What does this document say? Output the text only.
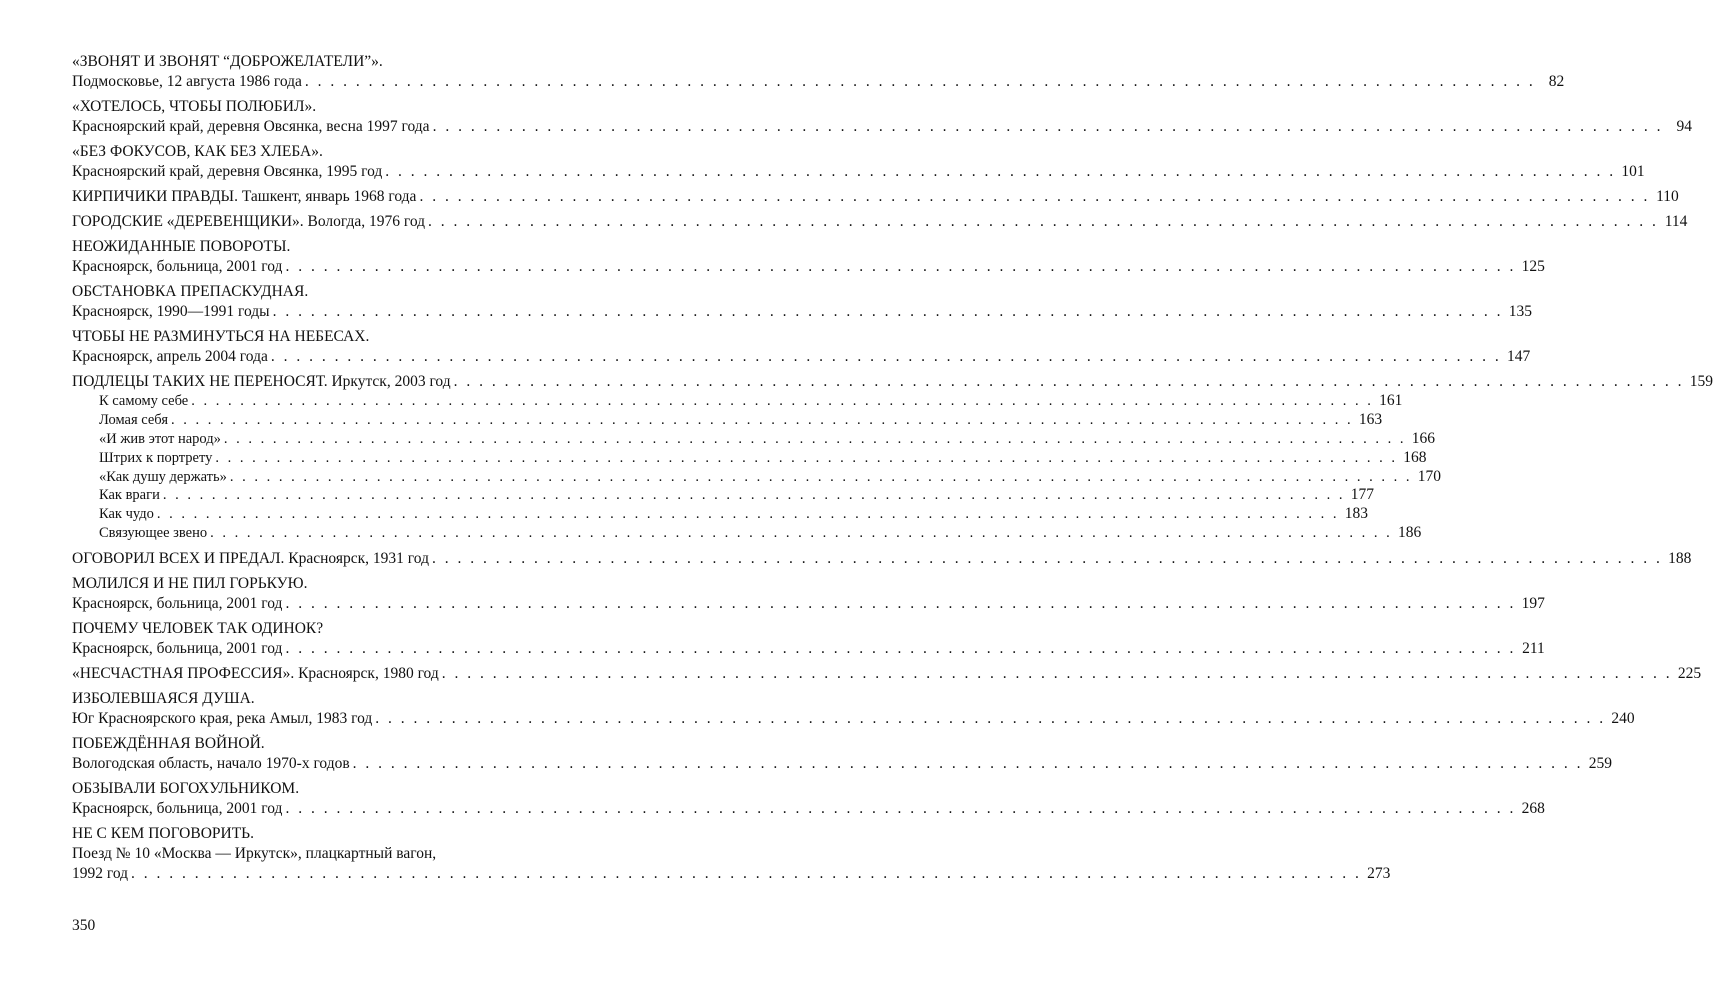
«ЗВОНЯТ И ЗВОНЯТ “ДОБРОЖЕЛАТЕЛИ”».
Подмосковье, 12 августа 1986 года . . . . . . . . . . . . . . . . . . . . . . . . . . . . . . . . . . . . . . . . . . . . . . . . . . . . . . . . . . . . . . . . . . . . . . . . . . . . . . . . . . . . . . . . . . . . . . . . . 82
«ХОТЕЛОСЬ, ЧТОБЫ ПОЛЮБИЛ».
Красноярский край, деревня Овсянка, весна 1997 года . . . . . . . . . . . . . . . . . . . . . . . . . . . . . . . . . . . . . . . . . . . . . . . . . . . . . . . . . . . . . . . . . . . . . . . . . . . . . . . . . . . . . . . . . . . . . . . . . 94
«БЕЗ ФОКУСОВ, КАК БЕЗ ХЛЕБА».
Красноярский край, деревня Овсянка, 1995 год . . . . . . . . . . . . . . . . . . . . . . . . . . . . . . . . . . . . . . . . . . . . . . . . . . . . . . . . . . . . . . . . . . . . . . . . . . . . . . . . . . . . . . . . . . . . . . . . . 101
КИРПИЧИКИ ПРАВДЫ. Ташкент, январь 1968 года . . . . . . . . . . . . . . . . . . . . . . . . . . . . . . . . . . . . . . . . . . . . . . . . . . . . . . . . . . . . . . . . . . . . . . . . . . . . . . . . . . . . . . . . . . . . . . . . . 110
ГОРОДСКИЕ «ДЕРЕВЕНЩИКИ». Вологда, 1976 год . . . . . . . . . . . . . . . . . . . . . . . . . . . . . . . . . . . . . . . . . . . . . . . . . . . . . . . . . . . . . . . . . . . . . . . . . . . . . . . . . . . . . . . . . . . . . . . . . 114
НЕОЖИДАННЫЕ ПОВОРОТЫ.
Красноярск, больница, 2001 год . . . . . . . . . . . . . . . . . . . . . . . . . . . . . . . . . . . . . . . . . . . . . . . . . . . . . . . . . . . . . . . . . . . . . . . . . . . . . . . . . . . . . . . . . . . . . . . . . 125
ОБСТАНОВКА ПРЕПАСКУДНАЯ.
Красноярск, 1990—1991 годы . . . . . . . . . . . . . . . . . . . . . . . . . . . . . . . . . . . . . . . . . . . . . . . . . . . . . . . . . . . . . . . . . . . . . . . . . . . . . . . . . . . . . . . . . . . . . . . . . 135
ЧТОБЫ НЕ РАЗМИНУТЬСЯ НА НЕБЕСАХ.
Красноярск, апрель 2004 года . . . . . . . . . . . . . . . . . . . . . . . . . . . . . . . . . . . . . . . . . . . . . . . . . . . . . . . . . . . . . . . . . . . . . . . . . . . . . . . . . . . . . . . . . . . . . . . . . 147
ПОДЛЕЦЫ ТАКИХ НЕ ПЕРЕНОСЯТ. Иркутск, 2003 год . . . . . . . . . . . . . . . . . . . . . . . . . . . . . . . . . . . . . . . . . . . . . . . . . . . . . . . . . . . . . . . . . . . . . . . . . . . . . . . . . . . . . . . . . . . . . . . . . 159
К самому себе . . . . . . . . . . . . . . . . . . . . . . . . . . . . . . . . . . . . . . . . . . . . . . . . . . . . . . . . . . . . . . . . . . . . . . . . . . . . . . . . . . . . . . . . . . . . . . . . . 161
Ломая себя . . . . . . . . . . . . . . . . . . . . . . . . . . . . . . . . . . . . . . . . . . . . . . . . . . . . . . . . . . . . . . . . . . . . . . . . . . . . . . . . . . . . . . . . . . . . . . . . . 163
«И жив этот народ» . . . . . . . . . . . . . . . . . . . . . . . . . . . . . . . . . . . . . . . . . . . . . . . . . . . . . . . . . . . . . . . . . . . . . . . . . . . . . . . . . . . . . . . . . . . . . . . . . 166
Штрих к портрету . . . . . . . . . . . . . . . . . . . . . . . . . . . . . . . . . . . . . . . . . . . . . . . . . . . . . . . . . . . . . . . . . . . . . . . . . . . . . . . . . . . . . . . . . . . . . . . . . 168
«Как душу держать» . . . . . . . . . . . . . . . . . . . . . . . . . . . . . . . . . . . . . . . . . . . . . . . . . . . . . . . . . . . . . . . . . . . . . . . . . . . . . . . . . . . . . . . . . . . . . . . . . 170
Как враги . . . . . . . . . . . . . . . . . . . . . . . . . . . . . . . . . . . . . . . . . . . . . . . . . . . . . . . . . . . . . . . . . . . . . . . . . . . . . . . . . . . . . . . . . . . . . . . . . 177
Как чудо . . . . . . . . . . . . . . . . . . . . . . . . . . . . . . . . . . . . . . . . . . . . . . . . . . . . . . . . . . . . . . . . . . . . . . . . . . . . . . . . . . . . . . . . . . . . . . . . . 183
Связующее звено . . . . . . . . . . . . . . . . . . . . . . . . . . . . . . . . . . . . . . . . . . . . . . . . . . . . . . . . . . . . . . . . . . . . . . . . . . . . . . . . . . . . . . . . . . . . . . . . . 186
ОГОВОРИЛ ВСЕХ И ПРЕДАЛ. Красноярск, 1931 год . . . . . . . . . . . . . . . . . . . . . . . . . . . . . . . . . . . . . . . . . . . . . . . . . . . . . . . . . . . . . . . . . . . . . . . . . . . . . . . . . . . . . . . . . . . . . . . . . 188
МОЛИЛСЯ И НЕ ПИЛ ГОРЬКУЮ.
Красноярск, больница, 2001 год . . . . . . . . . . . . . . . . . . . . . . . . . . . . . . . . . . . . . . . . . . . . . . . . . . . . . . . . . . . . . . . . . . . . . . . . . . . . . . . . . . . . . . . . . . . . . . . . . 197
ПОЧЕМУ ЧЕЛОВЕК ТАК ОДИНОК?
Красноярск, больница, 2001 год . . . . . . . . . . . . . . . . . . . . . . . . . . . . . . . . . . . . . . . . . . . . . . . . . . . . . . . . . . . . . . . . . . . . . . . . . . . . . . . . . . . . . . . . . . . . . . . . . 211
«НЕСЧАСТНАЯ ПРОФЕССИЯ». Красноярск, 1980 год . . . . . . . . . . . . . . . . . . . . . . . . . . . . . . . . . . . . . . . . . . . . . . . . . . . . . . . . . . . . . . . . . . . . . . . . . . . . . . . . . . . . . . . . . . . . . . . . . 225
ИЗБОЛЕВШАЯСЯ ДУША.
Юг Красноярского края, река Амыл, 1983 год . . . . . . . . . . . . . . . . . . . . . . . . . . . . . . . . . . . . . . . . . . . . . . . . . . . . . . . . . . . . . . . . . . . . . . . . . . . . . . . . . . . . . . . . . . . . . . . . . 240
ПОБЕЖДЁННАЯ ВОЙНОЙ.
Вологодская область, начало 1970-х годов . . . . . . . . . . . . . . . . . . . . . . . . . . . . . . . . . . . . . . . . . . . . . . . . . . . . . . . . . . . . . . . . . . . . . . . . . . . . . . . . . . . . . . . . . . . . . . . . . 259
ОБЗЫВАЛИ БОГОХУЛЬНИКОМ.
Красноярск, больница, 2001 год . . . . . . . . . . . . . . . . . . . . . . . . . . . . . . . . . . . . . . . . . . . . . . . . . . . . . . . . . . . . . . . . . . . . . . . . . . . . . . . . . . . . . . . . . . . . . . . . . 268
НЕ С КЕМ ПОГОВОРИТЬ.
Поезд № 10 «Москва — Иркутск», плацкартный вагон,
1992 год . . . . . . . . . . . . . . . . . . . . . . . . . . . . . . . . . . . . . . . . . . . . . . . . . . . . . . . . . . . . . . . . . . . . . . . . . . . . . . . . . . . . . . . . . . . . . . . . . 273
350
